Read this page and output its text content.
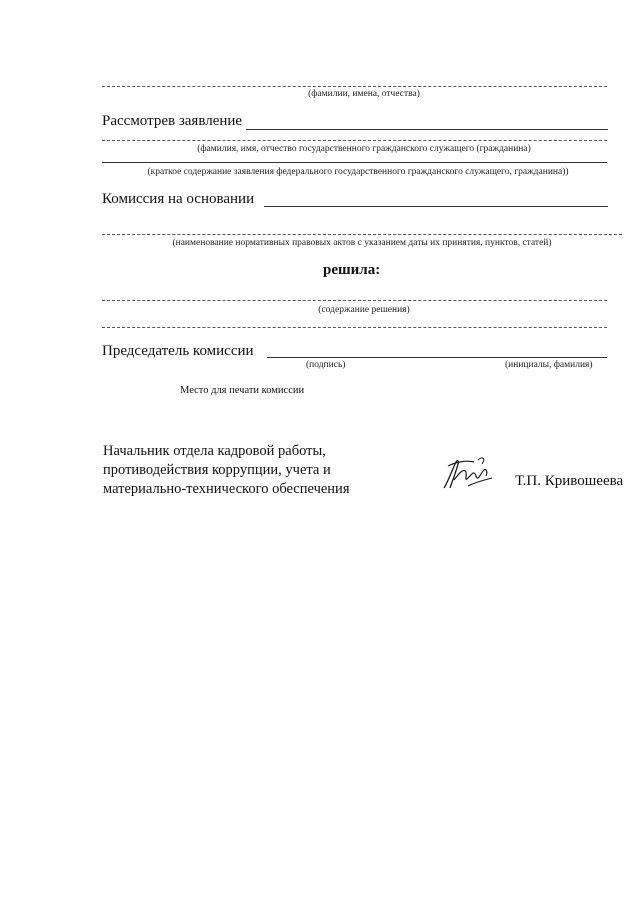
(фамилии, имена, отчества)
Рассмотрев заявление
(фамилия, имя, отчество государственного гражданского служащего (гражданина)
(краткое содержание заявления федерального государственного гражданского служащего, гражданина))
Комиссия на основании
(наименование нормативных правовых актов с указанием даты их принятия, пунктов, статей)
решила:
(содержание решения)
Председатель комиссии
(подпись)	(инициалы, фамилия)
Место для печати комиссии
Начальник отдела кадровой работы,
противодействия коррупции, учета и
материально-технического обеспечения	Т.П. Кривошеева
